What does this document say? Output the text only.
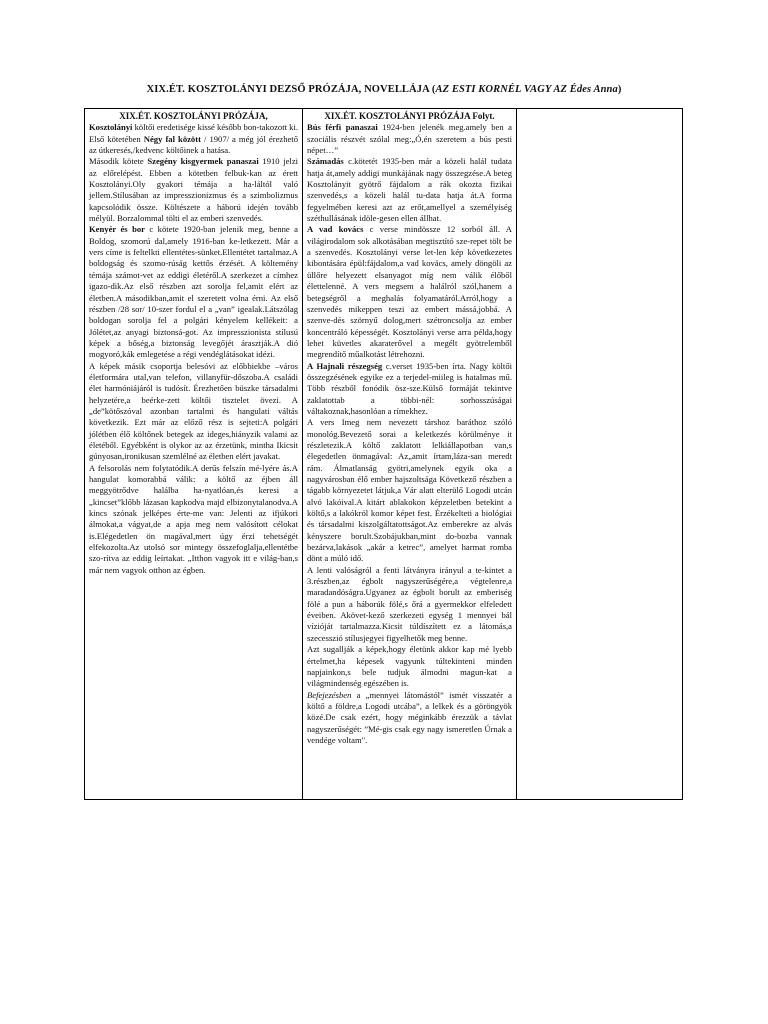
XIX.ÉT. KOSZTOLÁNYI DEZSŐ PRÓZÁJA, NOVELLÁJA (AZ ESTI KORNÉL VAGY AZ Édes Anna)
XIX.ÉT. KOSZTOLÁNYI PRÓZÁJA,

Kosztolányi költői eredetisége kissé később bon-takozott ki. Első kötetében Négy fal között / 1907/ a még jól érezhető az útkeresés,/kedvenc költőinek a hatása.

Második kötete Szegény kisgyermek panaszai 1910 jelzi az előrelépést. Ebben a kötetben felbuk-kan az érett Kosztolányi.Oly gyakori témája a ha-láltól való jellem.Stílusában az impresszionizmus és a szimbolizmus kapcsolódik össze. Költészete a háború idején tovább mélyül. Borzalommal tölti el az emberi szenvedés.

Kenyér és bor c kötete 1920-ban jelenik meg, benne a Boldog, szomorú dal,amely 1916-ban ke-letkezett. Már a vers címe is feltelkti ellentétes-sünket.Ellentétet tartalmaz.A boldogság és szomo-rúság kettős érzését. A költemény témája számot-vet az eddigi életéről.A szerkezet a címhez igazo-dik.Az első részben azt sorolja fel,amit elért az életben.A másodikban,amit el szeretett volna érni. Az első részben /28 sor/ 10-szer fordul el a „van” igealak.Látszólag boldogan sorolja fel a polgári kényelem kellékeit: a Jólétet,az anyagi biztonsá-got. Az impresszionista stílusú képek a bőség,a biztonság levegőjét árasztják.A dió mogyoró,kák emlegetése a régi vendéglátásokat idézi.

A képek másik csoportja belesóvi az előbbiekbe –város életformára utal,van telefon, villanyfür-dőszoba.A családi élet harmóniájáról is tudósít. Érezhetően büszke társadalmi helyzetére,a beérke-zett költői tisztelet övezi. A „de”kötőszóval azonban tartalmi és hangulati váltás következik. Ezt már az előző rész is sejteti:A polgári jólétben élő költőnek betegek az ideges,hiányzik valami az életéből. Egyébként is olykor az az érzetünk, mintha Ikicsit gúnyosan,ironikusan szemlélné az életben elért javakat.

A felsorolás nem folytatódik.A derűs felszín mé-lyére ás.A hangulat komorabbá válik: a költő az éjben áll meggyötrődve halálba ha-nyatlóan,és keresi a „kincset”klőbb lázasan kapkodva majd elbizonytalanodva.A kincs szónak jelképes érte-me van: Jelenti az ifjúkori álmokat,a vágyat,de a apja meg nem valósított célokat is.Elégedetlen ön magával,mert úgy érzi tehetségét elfekozolta.Az utolsó sor mintegy összefoglalja,ellentétbe szo-rítva az eddig leírtakat. „Itthon vagyok itt e világ-ban,s már nem vagyok otthon az égben.

XIX.ÉT. KOSZTOLÁNYI PRÓZÁJA Folyt.

Bús férfi panaszai 1924-ben jelenék meg.amely ben a szociális részvét szólal meg:„Ó,én szeretem a bús pesti népet…”

Számadás c.kötetét 1935-ben már a közeli halál tudata hatja át,amely addigi munkájának nagy összegzése.A beteg Kosztolányit gyötrő fájdalom a rák okozta fizikai szenvedés,s a közeli halál tu-data hatja át.A forma fegyelmében keresi azt az erőt,amellyel a személyiség széthullásának idöle-gesen ellen állhat.

A vad kovács c verse mindössze 12 sorból áll. A világirodalom sok alkotásában megtisztító sze-repet tölt be a szenvedés. Kosztolányi verse let-len kép következetes kibontására épül:fájdalom,a vad kovács, amely döngöli az üllőre helyezett elsanyagot míg nem válik élőből élettelenné. A vers megsem a halálról szól,hanem a betegségről a meghalás folyamatáról.Arról,hogy a szenvedés mikeppen teszi az embert mássá,jobbá. A szenve-dés szörnyű dolog,mert szétroncsolja az ember koncentráló képességét. Kosztolányi verse arra példa,hogy lehet küvetles akaraterővel a megélt gyötrelemből megrendítő műalkotást létrehozni.

A Hajnali részegség c.verset 1935-ben írta. Nagy költői összegzésének egyike ez a terjedel-miileg is hatalmas mű. Több részből fonódik ösz-sze.Külső formáját tekintve zaklatottab a többi-nél: sorhosszúságai váltakoznak,hasonlóan a rímekhez.

A vers Imeg nem nevezett társhoz baráthoz szóló monológ.Bevezető sorai a keletkezés körülménye it részletezik.A költő zaklatott lelkiállapotban van,s élegedetlen önmagával: Az„amit írtam,láza-san meredt rám. Álmatlanság gyötri,amelynek egyik oka a nagyvárosban élő ember hajszoltsága Következő részben a tágabb környezetet látjuk,a Vár alatt elterülő Logodi utcán alvó lakóival.A kitárt ablakokon képzeletben betekint a költő,s a lakókról komor képet fest. Érzékelteti a biológiai és társadalmi kiszolgáltatottságot.Az emberekre az alvás kényszere borult.Szobájukban,mint do-bozba vannak bezárva,lakások „akár a ketrec”, amelyet harmat romba dönt a múló idő.

A lenti valóságról a fenti látványra irányul a te-kintet a 3.részben,az égbolt nagyszerűségére,a végtelenre,a maradandóságra.Ugyanez az égbolt borult az emberiség fölé a pun a háborúk fölé,s őrá a gyermekkor elfeledett éveiben. Akövet-kező szerkezeti egység 1 mennyei bál vízióját tartalmazza.Kicsit túldíszített ez a látomás,a szecesszió stílusjegyei figyelhetők meg benne.

Azt sugallják a képek,hogy életünk akkor kap mé lyebb értelmet,ha képesek vagyunk túltekinteni minden napjainkon,s bele tudjuk álmodni magun-kat a világmindenség egészében is.

Befejezésben a „mennyei látomástól” ismét visszatér a költő a földre,a Logodi utcába”, a lelkek és a göröngyök közé.De csak ezért, hogy méginkább érezzük a távlat nagyszerűségét: ”Mé-gis csak egy nagy ismeretlen Úrnak a vendége voltam".
